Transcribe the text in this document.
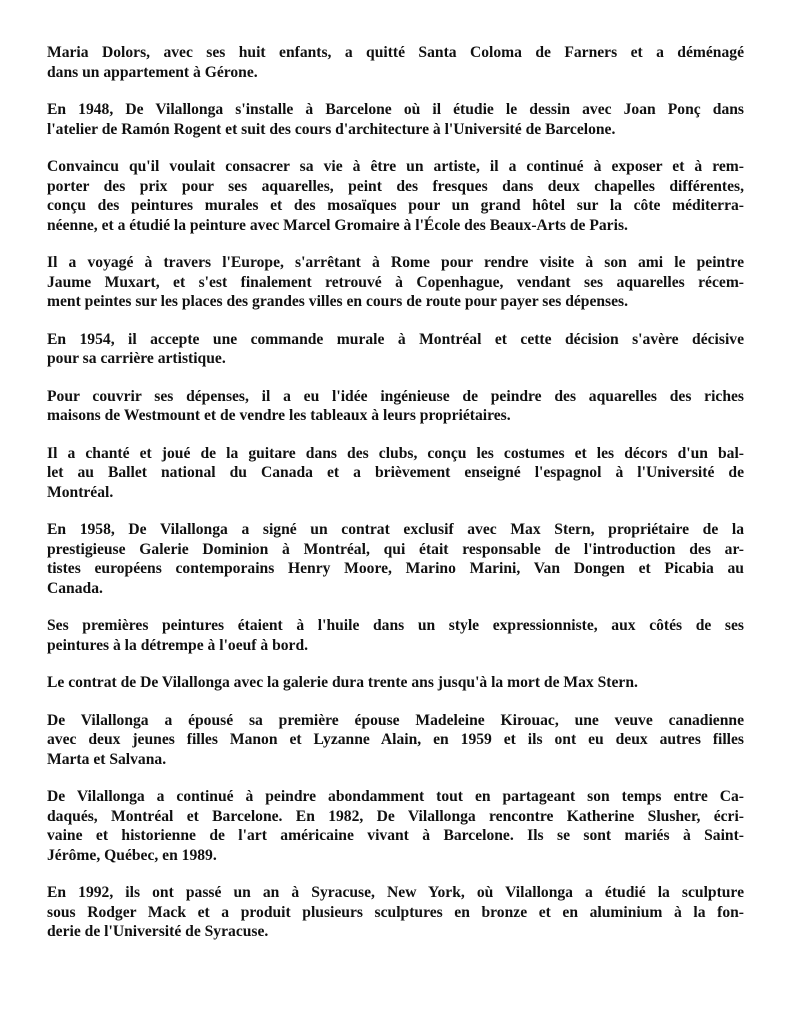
Maria Dolors, avec ses huit enfants, a quitté Santa Coloma de Farners et a déménagé
dans un appartement à Gérone.

En 1948, De Vilallonga s'installe à Barcelone où il étudie le dessin avec Joan Ponç dans
l'atelier de Ramón Rogent et suit des cours d'architecture à l'Université de Barcelone.

Convaincu qu'il voulait consacrer sa vie à être un artiste, il a continué à exposer et à rem-
porter des prix pour ses aquarelles, peint des fresques dans deux chapelles différentes,
conçu des peintures murales et des mosaïques pour un grand hôtel sur la côte méditerra-
néenne, et a étudié la peinture avec Marcel Gromaire à l'École des Beaux-Arts de Paris.

Il a voyagé à travers l'Europe, s'arrêtant à Rome pour rendre visite à son ami le peintre
Jaume Muxart, et s'est finalement retrouvé à Copenhague, vendant ses aquarelles récem-
ment peintes sur les places des grandes villes en cours de route pour payer ses dépenses.

En 1954, il accepte une commande murale à Montréal et cette décision s'avère décisive
pour sa carrière artistique.

Pour couvrir ses dépenses, il a eu l'idée ingénieuse de peindre des aquarelles des riches
maisons de Westmount et de vendre les tableaux à leurs propriétaires.

Il a chanté et joué de la guitare dans des clubs, conçu les costumes et les décors d'un bal-
let au Ballet national du Canada et a brièvement enseigné l'espagnol à l'Université de
Montréal.

En 1958, De Vilallonga a signé un contrat exclusif avec Max Stern, propriétaire de la
prestigieuse Galerie Dominion à Montréal, qui était responsable de l'introduction des ar-
tistes européens contemporains Henry Moore, Marino Marini, Van Dongen et Picabia au
Canada.

Ses premières peintures étaient à l'huile dans un style expressionniste, aux côtés de ses
peintures à la détrempe à l'oeuf à bord.

Le contrat de De Vilallonga avec la galerie dura trente ans jusqu'à la mort de Max Stern.

De Vilallonga a épousé sa première épouse Madeleine Kirouac, une veuve canadienne
avec deux jeunes filles Manon et Lyzanne Alain, en 1959 et ils ont eu deux autres filles
Marta et Salvana.

De Vilallonga a continué à peindre abondamment tout en partageant son temps entre Ca-
daqués, Montréal et Barcelone. En 1982, De Vilallonga rencontre Katherine Slusher, écri-
vaine et historienne de l'art américaine vivant à Barcelone. Ils se sont mariés à Saint-
Jérôme, Québec, en 1989.

En 1992, ils ont passé un an à Syracuse, New York, où Vilallonga a étudié la sculpture
sous Rodger Mack et a produit plusieurs sculptures en bronze et en aluminium à la fon-
derie de l'Université de Syracuse.
